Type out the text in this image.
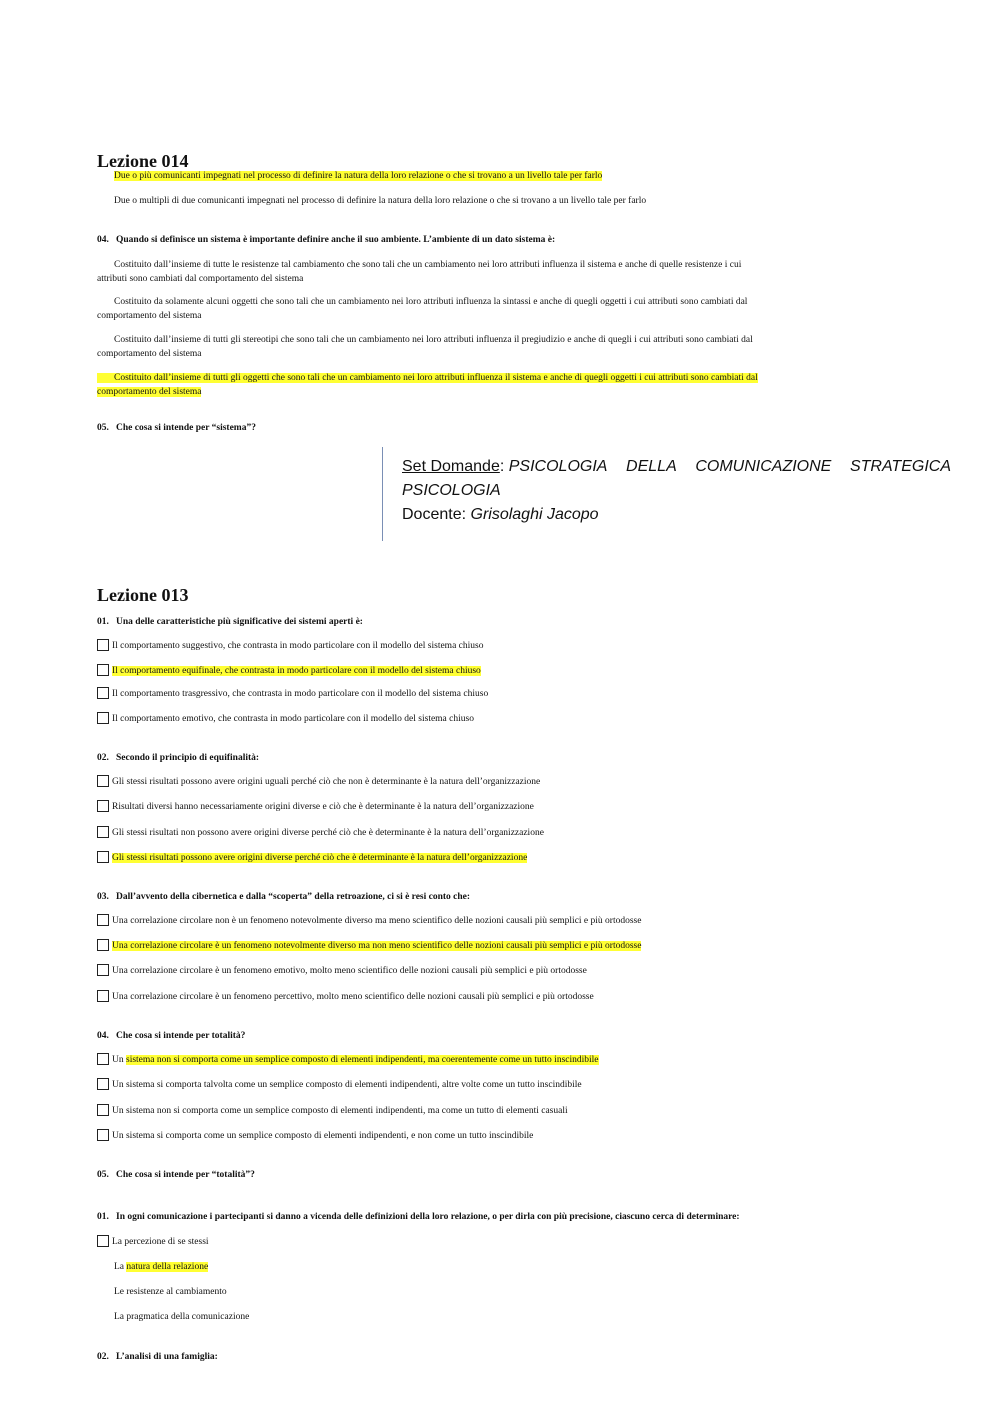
Lezione 014
Due o più comunicanti impegnati nel processo di definire la natura della loro relazione o che si trovano a un livello tale per farlo
Due o multipli di due comunicanti impegnati nel processo di definire la natura della loro relazione o che si trovano a un livello tale per farlo
04. Quando si definisce un sistema è importante definire anche il suo ambiente. L’ambiente di un dato sistema è:
Costituito dall’insieme di tutte le resistenze tal cambiamento che sono tali che un cambiamento nei loro attributi influenza il sistema e anche di quelle resistenze i cui
attributi sono cambiati dal comportamento del sistema
Costituito da solamente alcuni oggetti che sono tali che un cambiamento nei loro attributi influenza la sintassi e anche di quegli oggetti i cui attributi sono cambiati dal
comportamento del sistema
Costituito dall’insieme di tutti gli stereotipi che sono tali che un cambiamento nei loro attributi influenza il pregiudizio e anche di quegli i cui attributi sono cambiati dal
comportamento del sistema
Costituito dall’insieme di tutti gli oggetti che sono tali che un cambiamento nei loro attributi influenza il sistema e anche di quegli oggetti i cui attributi sono cambiati dal
comportamento del sistema
05. Che cosa si intende per “sistema”?
Set Domande: PSICOLOGIA DELLA COMUNICAZIONE STRATEGICA
PSICOLOGIA
Docente: Grisolaghi Jacopo
Lezione 013
01. Una delle caratteristiche più significative dei sistemi aperti è:
Il comportamento suggestivo, che contrasta in modo particolare con il modello del sistema chiuso
Il comportamento equifinale, che contrasta in modo particolare con il modello del sistema chiuso
Il comportamento trasgressivo, che contrasta in modo particolare con il modello del sistema chiuso
Il comportamento emotivo, che contrasta in modo particolare con il modello del sistema chiuso
02. Secondo il principio di equifinalità:
Gli stessi risultati possono avere origini uguali perché ciò che non è determinante è la natura dell’organizzazione
Risultati diversi hanno necessariamente origini diverse e ciò che è determinante è la natura dell’organizzazione
Gli stessi risultati non possono avere origini diverse perché ciò che è determinante è la natura dell’organizzazione
Gli stessi risultati possono avere origini diverse perché ciò che è determinante è la natura dell’organizzazione
03. Dall’avvento della cibernetica e dalla “scoperta” della retroazione, ci si è resi conto che:
Una correlazione circolare non è un fenomeno notevolmente diverso ma meno scientifico delle nozioni causali più semplici e più ortodosse
Una correlazione circolare è un fenomeno notevolmente diverso ma non meno scientifico delle nozioni causali più semplici e più ortodosse
Una correlazione circolare è un fenomeno emotivo, molto meno scientifico delle nozioni causali più semplici e più ortodosse
Una correlazione circolare è un fenomeno percettivo, molto meno scientifico delle nozioni causali più semplici e più ortodosse
04. Che cosa si intende per totalità?
Un sistema non si comporta come un semplice composto di elementi indipendenti, ma coerentemente come un tutto inscindibile
Un sistema si comporta talvolta come un semplice composto di elementi indipendenti, altre volte come un tutto inscindibile
Un sistema non si comporta come un semplice composto di elementi indipendenti, ma come un tutto di elementi casuali
Un sistema si comporta come un semplice composto di elementi indipendenti, e non come un tutto inscindibile
05. Che cosa si intende per “totalità”?
01. In ogni comunicazione i partecipanti si danno a vicenda delle definizioni della loro relazione, o per dirla con più precisione, ciascuno cerca di determinare:
La percezione di se stessi
La natura della relazione
Le resistenze al cambiamento
La pragmatica della comunicazione
02. L’analisi di una famiglia:
